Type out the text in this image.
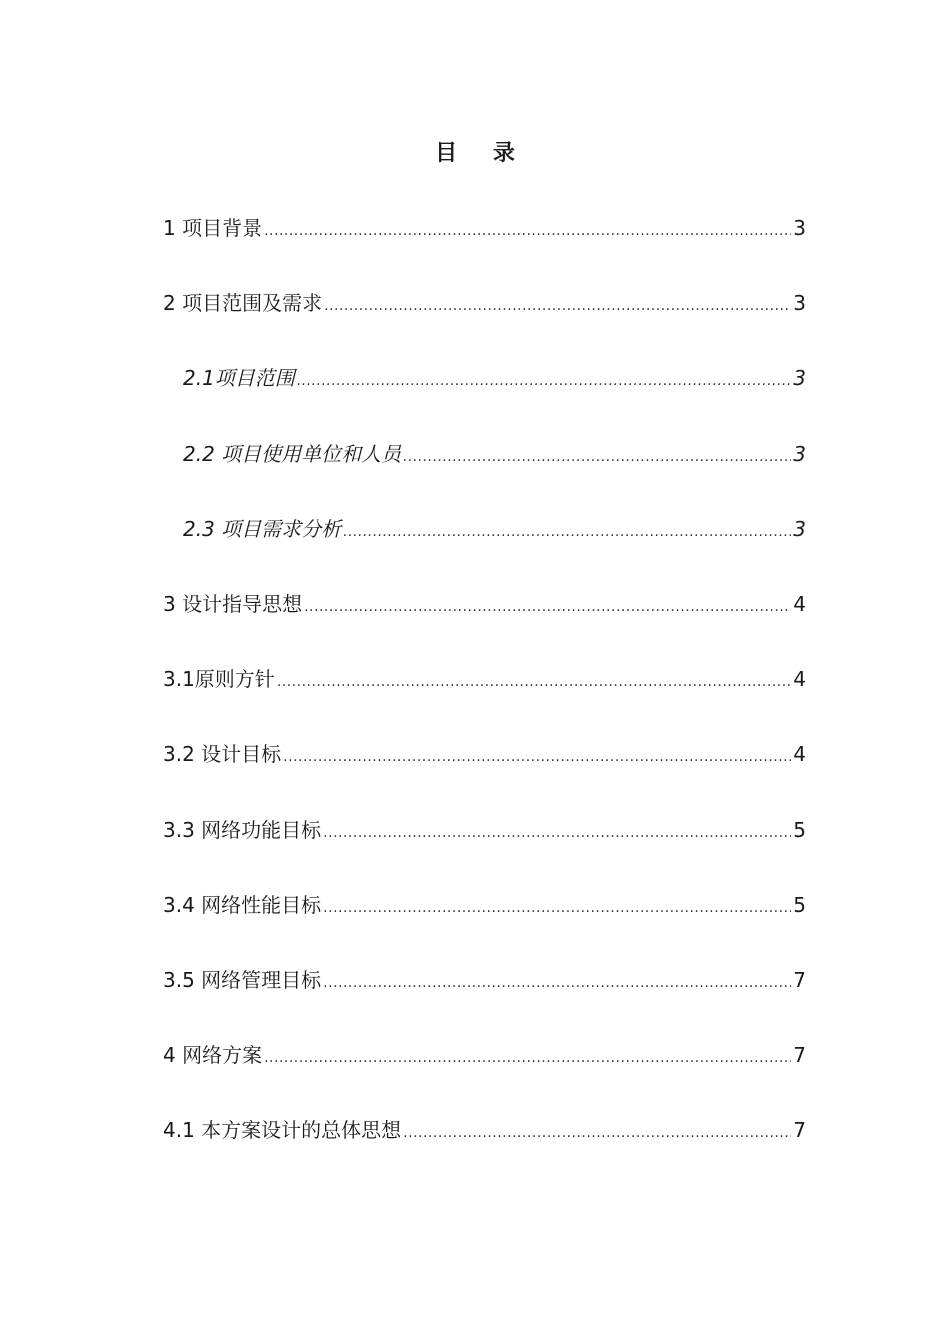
目 录
1 项目背景 .....	3
2 项目范围及需求 .....	3
2.1项目范围 .....	3
2.2 项目使用单位和人员 .....	3
2.3 项目需求分析 .....	3
3 设计指导思想 .....	4
3.1原则方针 .....	4
3.2 设计目标 .....	4
3.3 网络功能目标 .....	5
3.4 网络性能目标 .....	5
3.5 网络管理目标 .....	7
4 网络方案 .....	7
4.1 本方案设计的总体思想 .....	7
